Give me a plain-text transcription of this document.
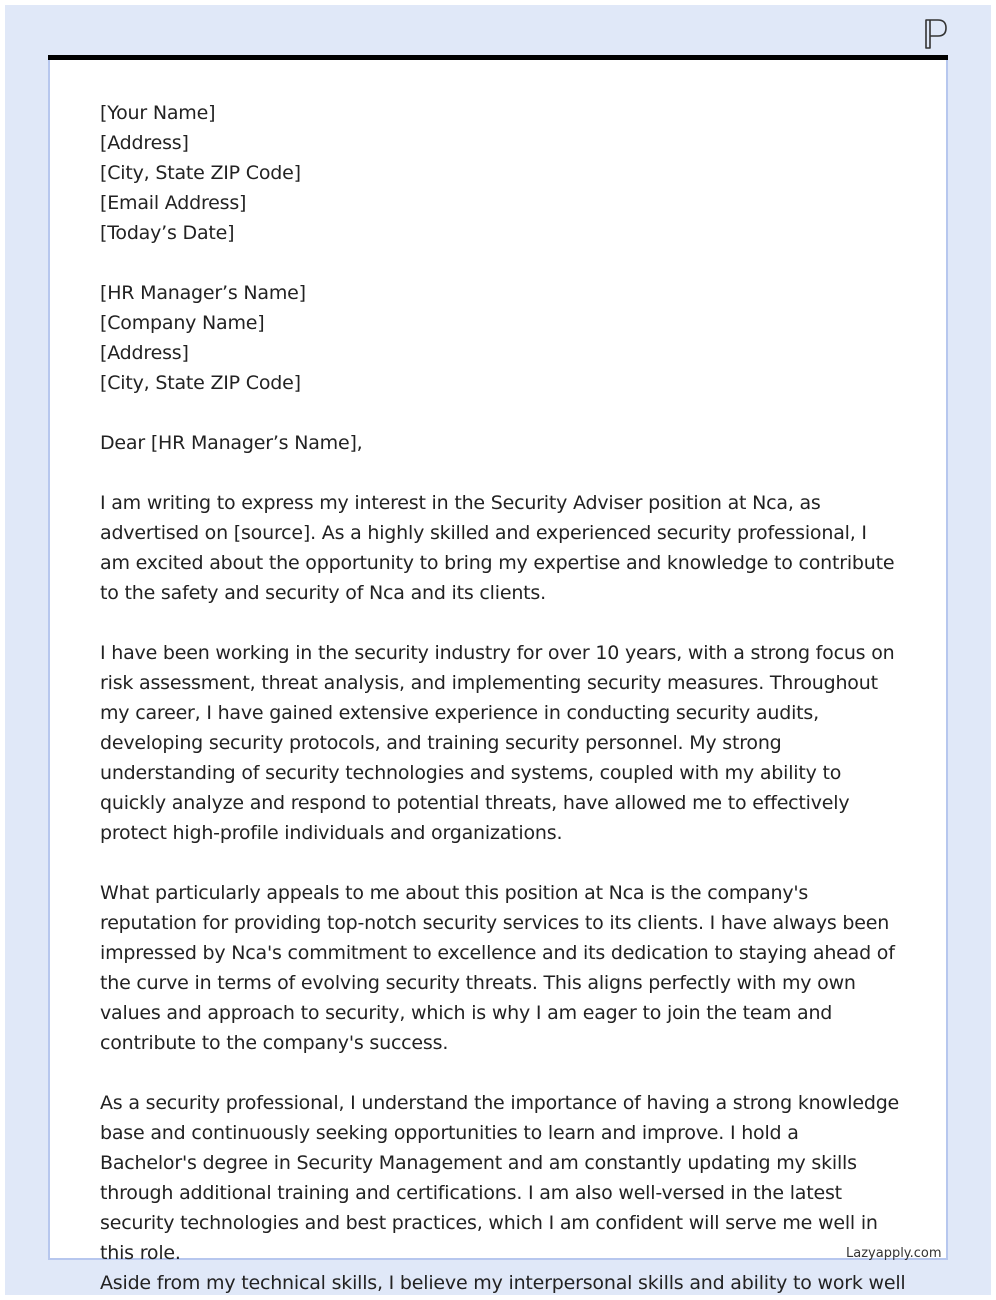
[Your Name]
[Address]
[City, State ZIP Code]
[Email Address]
[Today’s Date]

[HR Manager’s Name]
[Company Name]
[Address]
[City, State ZIP Code]

Dear [HR Manager’s Name],

I am writing to express my interest in the Security Adviser position at Nca, as advertised on [source]. As a highly skilled and experienced security professional, I am excited about the opportunity to bring my expertise and knowledge to contribute to the safety and security of Nca and its clients.

I have been working in the security industry for over 10 years, with a strong focus on risk assessment, threat analysis, and implementing security measures. Throughout my career, I have gained extensive experience in conducting security audits, developing security protocols, and training security personnel. My strong understanding of security technologies and systems, coupled with my ability to quickly analyze and respond to potential threats, have allowed me to effectively protect high-profile individuals and organizations.

What particularly appeals to me about this position at Nca is the company's reputation for providing top-notch security services to its clients. I have always been impressed by Nca's commitment to excellence and its dedication to staying ahead of the curve in terms of evolving security threats. This aligns perfectly with my own values and approach to security, which is why I am eager to join the team and contribute to the company's success.

As a security professional, I understand the importance of having a strong knowledge base and continuously seeking opportunities to learn and improve. I hold a Bachelor's degree in Security Management and am constantly updating my skills through additional training and certifications. I am also well-versed in the latest security technologies and best practices, which I am confident will serve me well in this role.	Lazyapply.com
Aside from my technical skills, I believe my interpersonal skills and ability to work well
